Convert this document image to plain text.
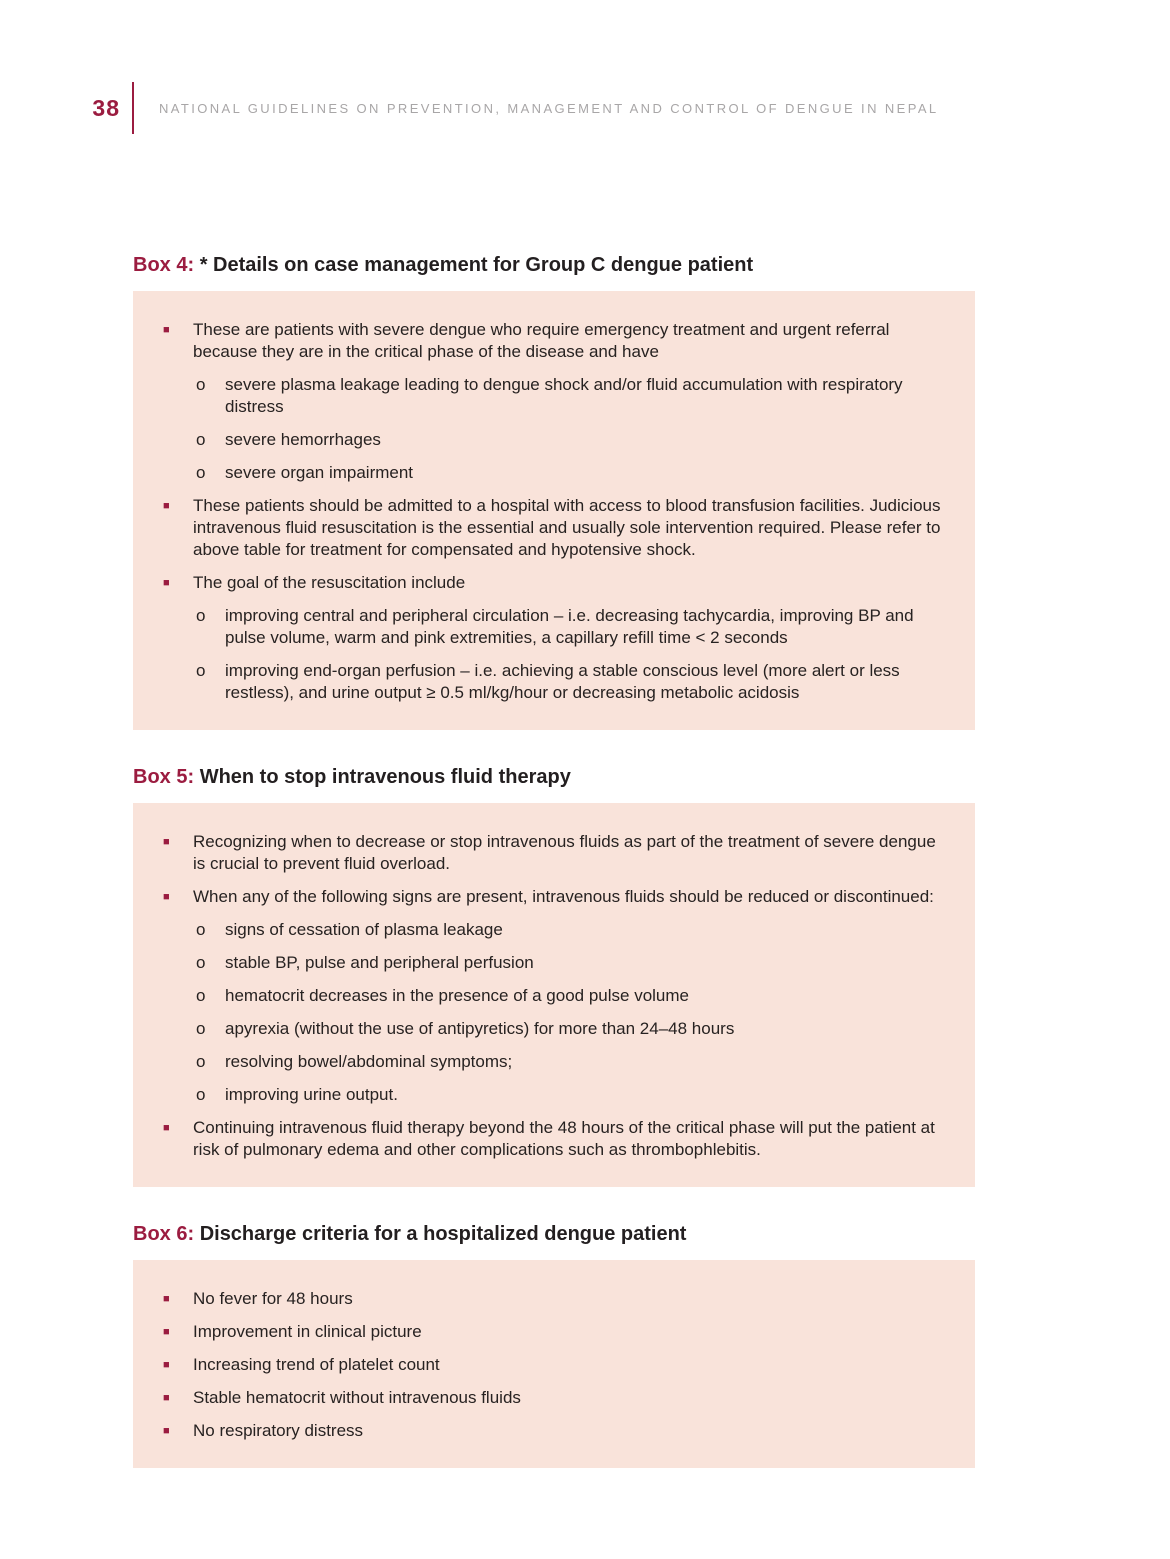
38	NATIONAL GUIDELINES ON PREVENTION, MANAGEMENT AND CONTROL OF DENGUE IN NEPAL
Box 4: * Details on case management for Group C dengue patient
■	These are patients with severe dengue who require emergency treatment and urgent referral because they are in the critical phase of the disease and have
o	severe plasma leakage leading to dengue shock and/or fluid accumulation with respiratory distress
o	severe hemorrhages
o	severe organ impairment
■	These patients should be admitted to a hospital with access to blood transfusion facilities. Judicious intravenous fluid resuscitation is the essential and usually sole intervention required. Please refer to above table for treatment for compensated and hypotensive shock.
■	The goal of the resuscitation include
o	improving central and peripheral circulation – i.e. decreasing tachycardia, improving BP and pulse volume, warm and pink extremities, a capillary refill time < 2 seconds
o	improving end-organ perfusion – i.e. achieving a stable conscious level (more alert or less restless), and urine output ≥ 0.5 ml/kg/hour or decreasing metabolic acidosis
Box 5: When to stop intravenous fluid therapy
■	Recognizing when to decrease or stop intravenous fluids as part of the treatment of severe dengue is crucial to prevent fluid overload.
■	When any of the following signs are present, intravenous fluids should be reduced or discontinued:
o	signs of cessation of plasma leakage
o	stable BP, pulse and peripheral perfusion
o	hematocrit decreases in the presence of a good pulse volume
o	apyrexia (without the use of antipyretics) for more than 24–48 hours
o	resolving bowel/abdominal symptoms;
o	improving urine output.
■	Continuing intravenous fluid therapy beyond the 48 hours of the critical phase will put the patient at risk of pulmonary edema and other complications such as thrombophlebitis.
Box 6: Discharge criteria for a hospitalized dengue patient
■	No fever for 48 hours
■	Improvement in clinical picture
■	Increasing trend of platelet count
■	Stable hematocrit without intravenous fluids
■	No respiratory distress
